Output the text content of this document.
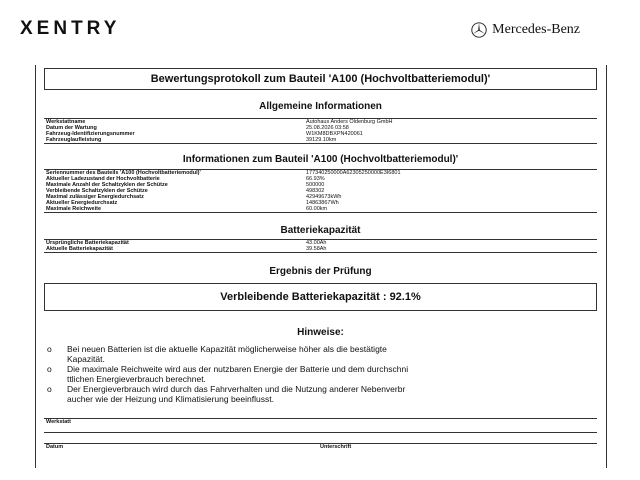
XENTRY	Mercedes-Benz
Bewertungsprotokoll zum Bauteil 'A100 (Hochvoltbatteriemodul)'
Allgemeine Informationen
Werkstattname	Autohaus Anders Oldenburg GmbH
Datum der Wartung	25.08.2026 03:58
Fahrzeug-Identifizierungsnummer	W1KM8DBXPN420061
Fahrzeuglaufleistung	39129.10km
Informationen zum Bauteil 'A100 (Hochvoltbatteriemodul)'
Seriennummer des Bauteils 'A100 (Hochvoltbatteriemodul)'	177340250000A62305250000E3I6801
Aktueller Ladezustand der Hochvoltbatterie	66.93%
Maximale Anzahl der Schaltzyklen der Schütze	500000
Verbleibende Schaltzyklen der Schütze	498302
Maximal zulässiger Energiedurchsatz	42949673kWh
Aktueller Energiedurchsatz	14863867Wh
Maximale Reichweite	60.00km
Batteriekapazität
Ursprüngliche Batteriekapazität	43.00Ah
Aktuelle Batteriekapazität	39.58Ah
Ergebnis der Prüfung
Verbleibende Batteriekapazität : 92.1%
Hinweise:
o	Bei neuen Batterien ist die aktuelle Kapazität möglicherweise höher als die bestätigte
Kapazität.
o	Die maximale Reichweite wird aus der nutzbaren Energie der Batterie und dem durchschni
ttlichen Energieverbrauch berechnet.
o	Der Energieverbrauch wird durch das Fahrverhalten und die Nutzung anderer Nebenverbr
aucher wie der Heizung und Klimatisierung beeinflusst.
Werkstatt
Datum	Unterschrift
